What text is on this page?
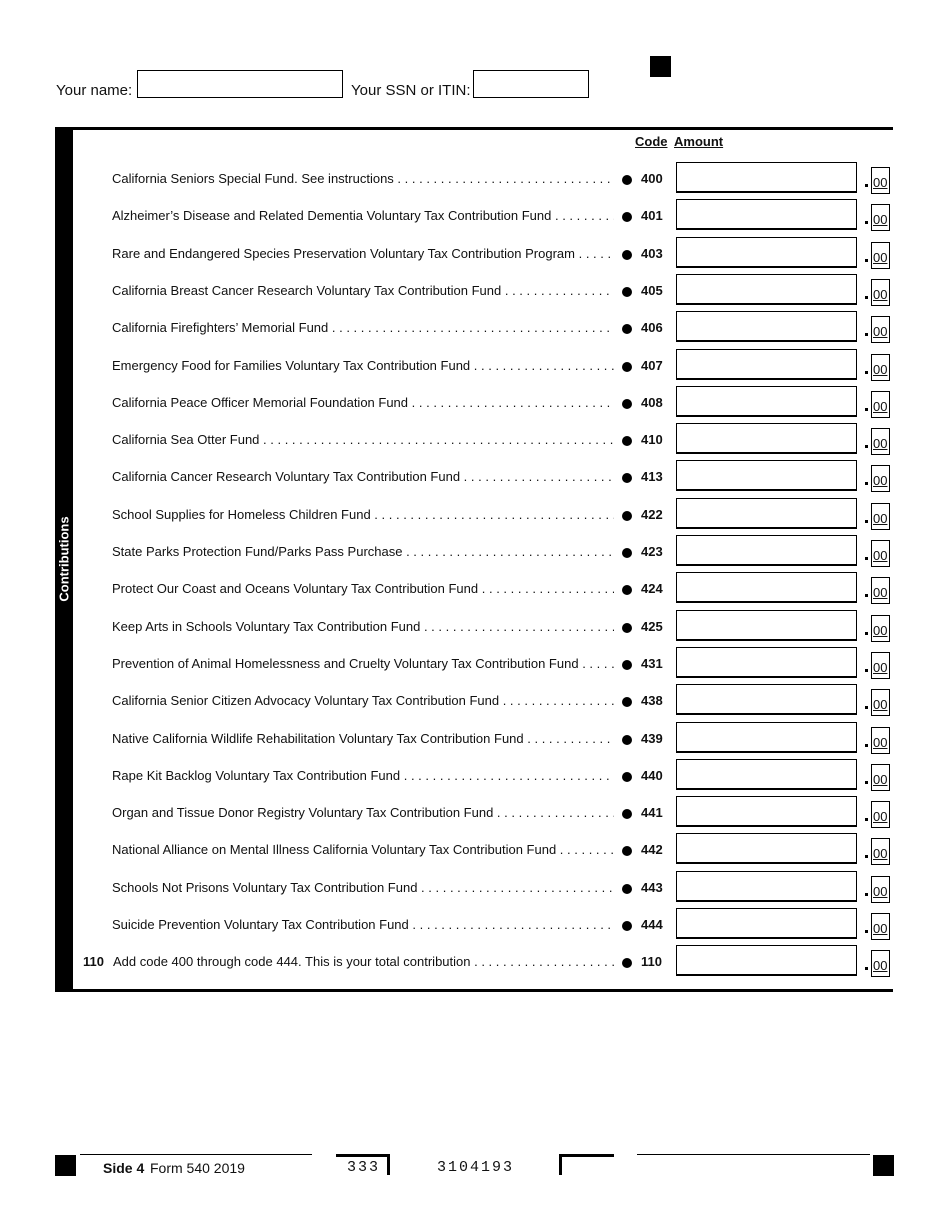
Your name:	Your SSN or ITIN:
Contributions
Code Amount
California Seniors Special Fund. See instructions . . .	400	00
Alzheimer’s Disease and Related Dementia Voluntary Tax Contribution Fund . . .	401	00
Rare and Endangered Species Preservation Voluntary Tax Contribution Program . . .	403	00
California Breast Cancer Research Voluntary Tax Contribution Fund . . .	405	00
California Firefighters’ Memorial Fund . . .	406	00
Emergency Food for Families Voluntary Tax Contribution Fund . . .	407	00
California Peace Officer Memorial Foundation Fund . . .	408	00
California Sea Otter Fund . . .	410	00
California Cancer Research Voluntary Tax Contribution Fund . . .	413	00
School Supplies for Homeless Children Fund . . .	422	00
State Parks Protection Fund/Parks Pass Purchase . . .	423	00
Protect Our Coast and Oceans Voluntary Tax Contribution Fund . . .	424	00
Keep Arts in Schools Voluntary Tax Contribution Fund . . .	425	00
Prevention of Animal Homelessness and Cruelty Voluntary Tax Contribution Fund . . .	431	00
California Senior Citizen Advocacy Voluntary Tax Contribution Fund . . .	438	00
Native California Wildlife Rehabilitation Voluntary Tax Contribution Fund . . .	439	00
Rape Kit Backlog Voluntary Tax Contribution Fund . . .	440	00
Organ and Tissue Donor Registry Voluntary Tax Contribution Fund . . .	441	00
National Alliance on Mental Illness California Voluntary Tax Contribution Fund . . .	442	00
Schools Not Prisons Voluntary Tax Contribution Fund . . .	443	00
Suicide Prevention Voluntary Tax Contribution Fund . . .	444	00
110 Add code 400 through code 444. This is your total contribution . . .	110	00
Side 4 Form 540 2019	333	3104193
